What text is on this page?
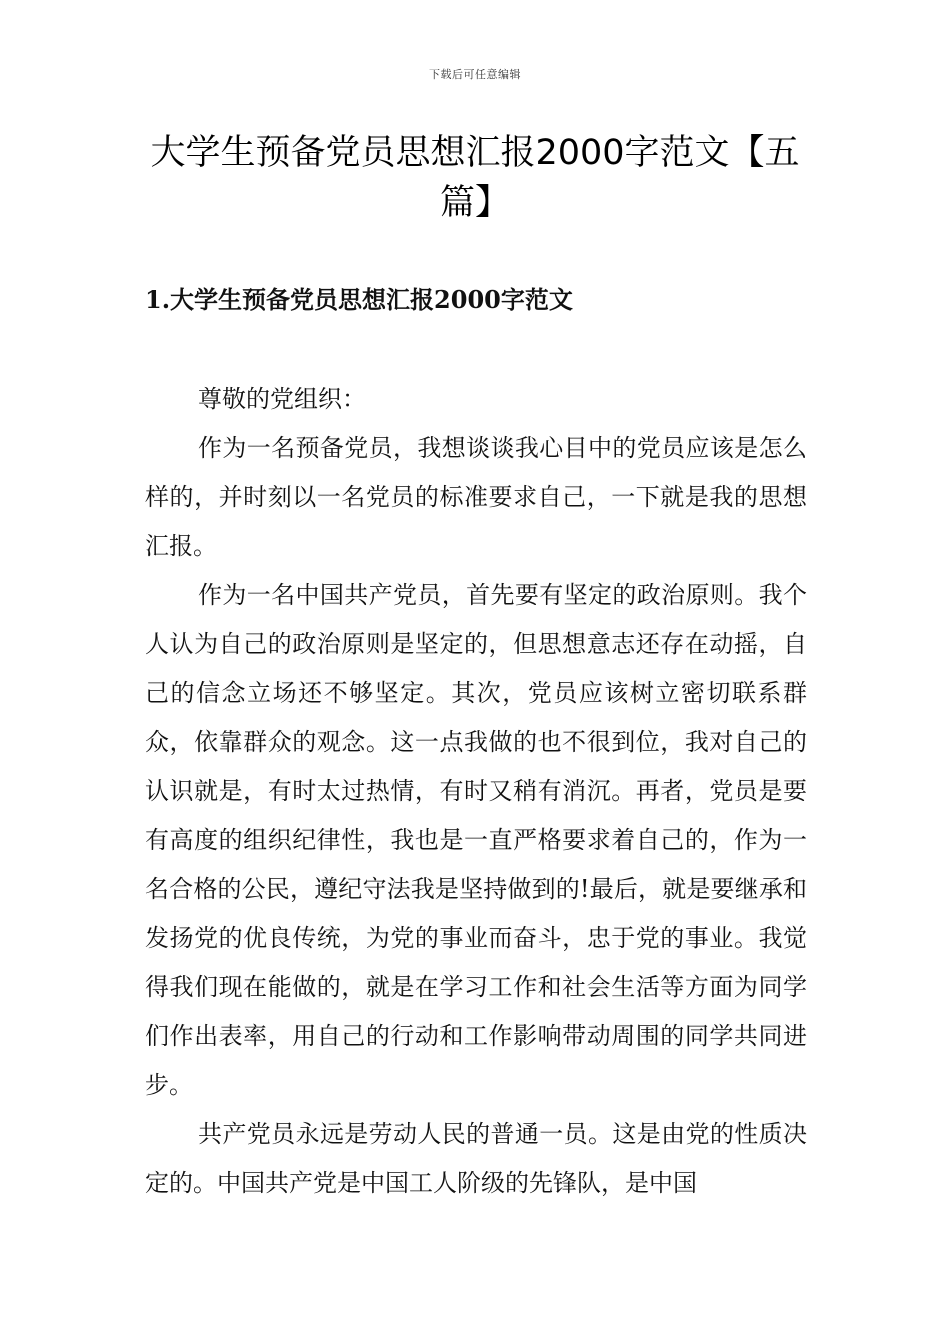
下载后可任意编辑
大学生预备党员思想汇报2000字范文【五篇】
1.大学生预备党员思想汇报2000字范文

尊敬的党组织：

作为一名预备党员，我想谈谈我心目中的党员应该是怎么样的，并时刻以一名党员的标准要求自己，一下就是我的思想汇报。

作为一名中国共产党员，首先要有坚定的政治原则。我个人认为自己的政治原则是坚定的，但思想意志还存在动摇，自己的信念立场还不够坚定。其次，党员应该树立密切联系群众，依靠群众的观念。这一点我做的也不很到位，我对自己的认识就是，有时太过热情，有时又稍有消沉。再者，党员是要有高度的组织纪律性，我也是一直严格要求着自己的，作为一名合格的公民，遵纪守法我是坚持做到的!最后，就是要继承和发扬党的优良传统，为党的事业而奋斗，忠于党的事业。我觉得我们现在能做的，就是在学习工作和社会生活等方面为同学们作出表率，用自己的行动和工作影响带动周围的同学共同进步。

共产党员永远是劳动人民的普通一员。这是由党的性质决定的。中国共产党是中国工人阶级的先锋队，是中国
